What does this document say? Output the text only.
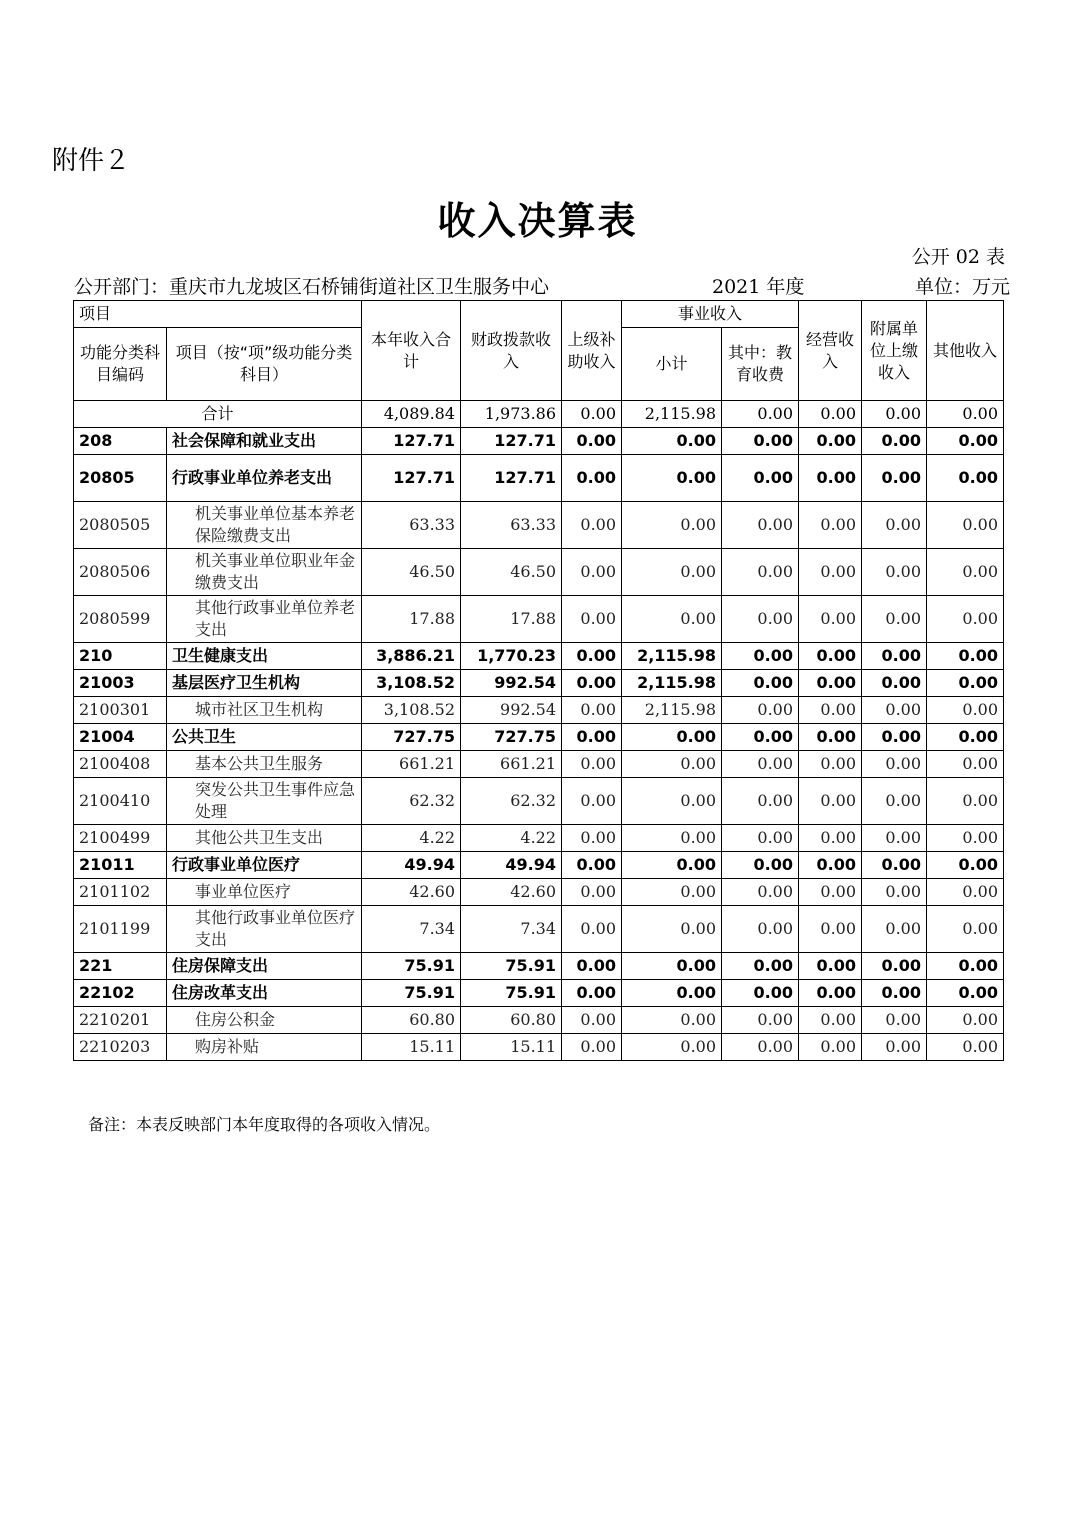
附件２
收入决算表
公开 02 表
公开部门：重庆市九龙坡区石桥铺街道社区卫生服务中心	2021 年度	单位：万元
项目		本年收入合计	财政拨款收入	上级补助收入	事业收入		经营收入	附属单位上缴收入	其他收入
功能分类科目编码	项目（按“项”级功能分类科目）								
					小计	其中：教育收费			
合计		4,089.84	1,973.86	0.00	2,115.98	0.00	0.00	0.00	0.00
208	社会保障和就业支出	127.71	127.71	0.00	0.00	0.00	0.00	0.00	0.00
20805	行政事业单位养老支出	127.71	127.71	0.00	0.00	0.00	0.00	0.00	0.00
2080505	机关事业单位基本养老保险缴费支出	63.33	63.33	0.00	0.00	0.00	0.00	0.00	0.00
2080506	机关事业单位职业年金缴费支出	46.50	46.50	0.00	0.00	0.00	0.00	0.00	0.00
2080599	其他行政事业单位养老支出	17.88	17.88	0.00	0.00	0.00	0.00	0.00	0.00
210	卫生健康支出	3,886.21	1,770.23	0.00	2,115.98	0.00	0.00	0.00	0.00
21003	基层医疗卫生机构	3,108.52	992.54	0.00	2,115.98	0.00	0.00	0.00	0.00
2100301	城市社区卫生机构	3,108.52	992.54	0.00	2,115.98	0.00	0.00	0.00	0.00
21004	公共卫生	727.75	727.75	0.00	0.00	0.00	0.00	0.00	0.00
2100408	基本公共卫生服务	661.21	661.21	0.00	0.00	0.00	0.00	0.00	0.00
2100410	突发公共卫生事件应急处理	62.32	62.32	0.00	0.00	0.00	0.00	0.00	0.00
2100499	其他公共卫生支出	4.22	4.22	0.00	0.00	0.00	0.00	0.00	0.00
21011	行政事业单位医疗	49.94	49.94	0.00	0.00	0.00	0.00	0.00	0.00
2101102	事业单位医疗	42.60	42.60	0.00	0.00	0.00	0.00	0.00	0.00
2101199	其他行政事业单位医疗支出	7.34	7.34	0.00	0.00	0.00	0.00	0.00	0.00
221	住房保障支出	75.91	75.91	0.00	0.00	0.00	0.00	0.00	0.00
22102	住房改革支出	75.91	75.91	0.00	0.00	0.00	0.00	0.00	0.00
2210201	住房公积金	60.80	60.80	0.00	0.00	0.00	0.00	0.00	0.00
2210203	购房补贴	15.11	15.11	0.00	0.00	0.00	0.00	0.00	0.00
备注：本表反映部门本年度取得的各项收入情况。
